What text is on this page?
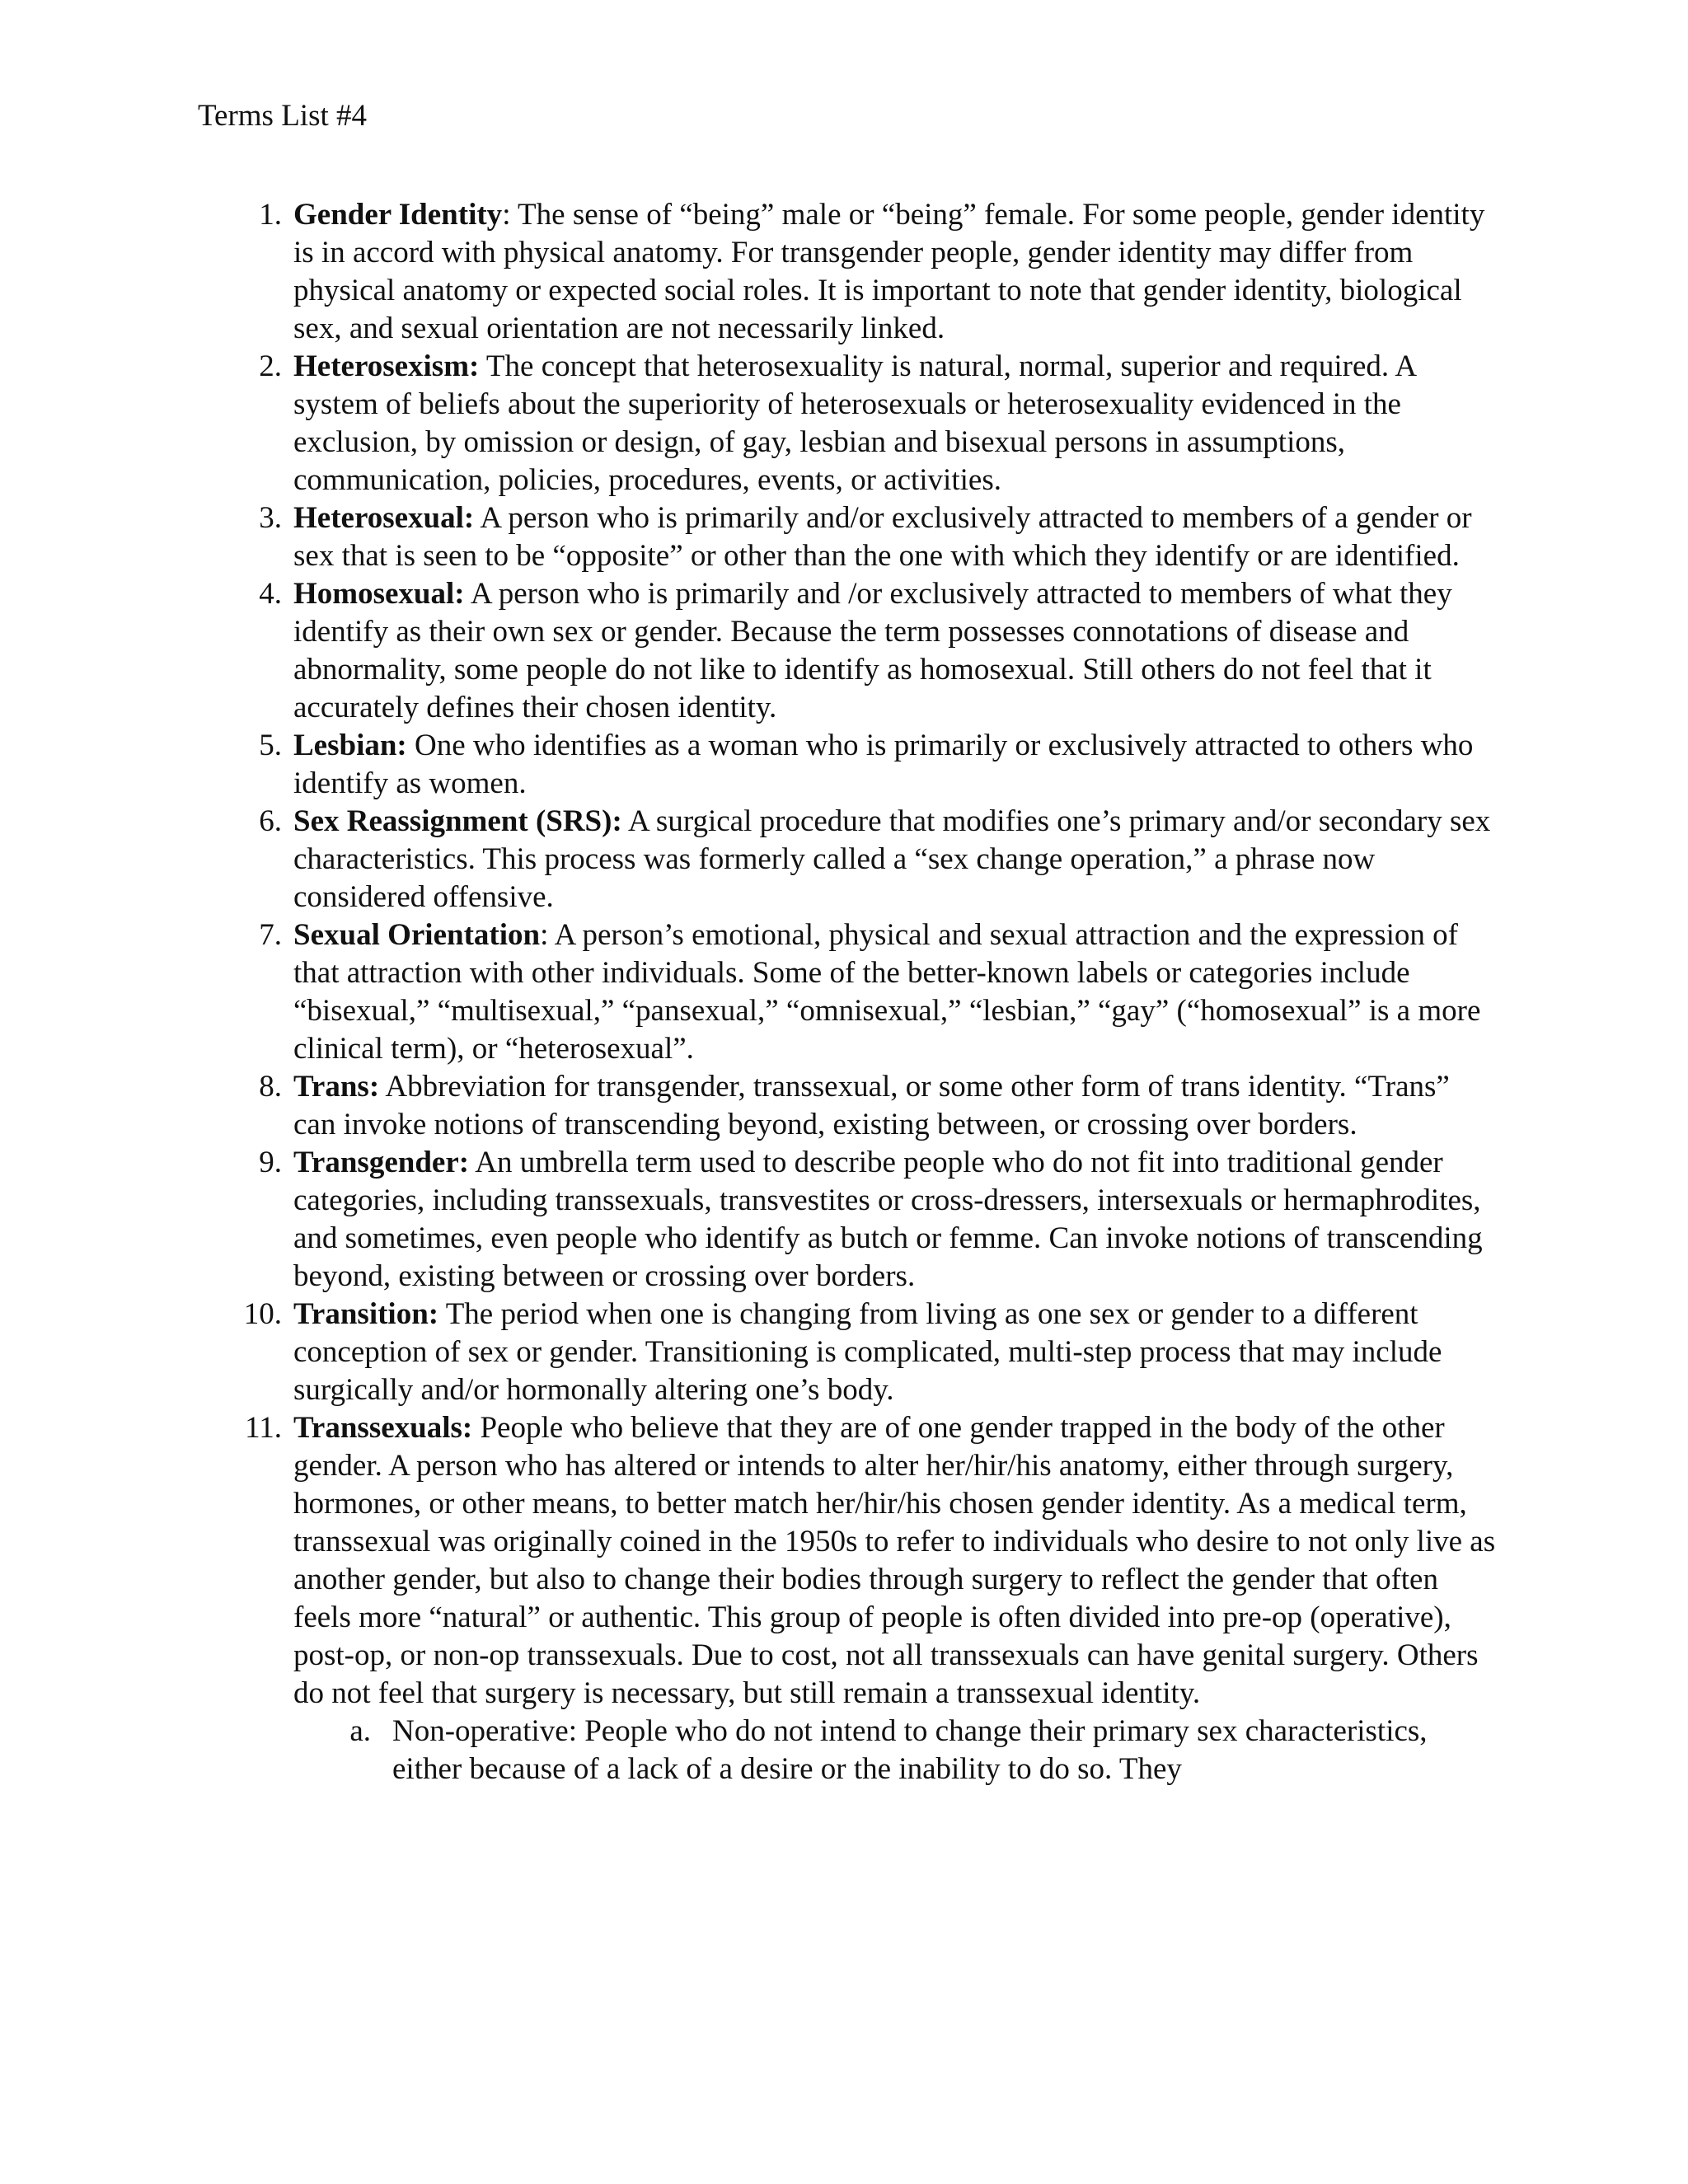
Terms List #4
1. Gender Identity: The sense of “being” male or “being” female. For some people, gender identity is in accord with physical anatomy. For transgender people, gender identity may differ from physical anatomy or expected social roles. It is important to note that gender identity, biological sex, and sexual orientation are not necessarily linked.
2. Heterosexism: The concept that heterosexuality is natural, normal, superior and required. A system of beliefs about the superiority of heterosexuals or heterosexuality evidenced in the exclusion, by omission or design, of gay, lesbian and bisexual persons in assumptions, communication, policies, procedures, events, or activities.
3. Heterosexual: A person who is primarily and/or exclusively attracted to members of a gender or sex that is seen to be “opposite” or other than the one with which they identify or are identified.
4. Homosexual: A person who is primarily and /or exclusively attracted to members of what they identify as their own sex or gender. Because the term possesses connotations of disease and abnormality, some people do not like to identify as homosexual. Still others do not feel that it accurately defines their chosen identity.
5. Lesbian: One who identifies as a woman who is primarily or exclusively attracted to others who identify as women.
6. Sex Reassignment (SRS): A surgical procedure that modifies one’s primary and/or secondary sex characteristics. This process was formerly called a “sex change operation,” a phrase now considered offensive.
7. Sexual Orientation: A person’s emotional, physical and sexual attraction and the expression of that attraction with other individuals. Some of the better-known labels or categories include “bisexual,” “multisexual,” “pansexual,” “omnisexual,” “lesbian,” “gay” (“homosexual” is a more clinical term), or “heterosexual”.
8. Trans: Abbreviation for transgender, transsexual, or some other form of trans identity. “Trans” can invoke notions of transcending beyond, existing between, or crossing over borders.
9. Transgender: An umbrella term used to describe people who do not fit into traditional gender categories, including transsexuals, transvestites or cross-dressers, intersexuals or hermaphrodites, and sometimes, even people who identify as butch or femme. Can invoke notions of transcending beyond, existing between or crossing over borders.
10. Transition: The period when one is changing from living as one sex or gender to a different conception of sex or gender. Transitioning is complicated, multi-step process that may include surgically and/or hormonally altering one’s body.
11. Transsexuals: People who believe that they are of one gender trapped in the body of the other gender. A person who has altered or intends to alter her/hir/his anatomy, either through surgery, hormones, or other means, to better match her/hir/his chosen gender identity. As a medical term, transsexual was originally coined in the 1950s to refer to individuals who desire to not only live as another gender, but also to change their bodies through surgery to reflect the gender that often feels more “natural” or authentic. This group of people is often divided into pre-op (operative), post-op, or non-op transsexuals. Due to cost, not all transsexuals can have genital surgery. Others do not feel that surgery is necessary, but still remain a transsexual identity.
a. Non-operative: People who do not intend to change their primary sex characteristics, either because of a lack of a desire or the inability to do so. They
